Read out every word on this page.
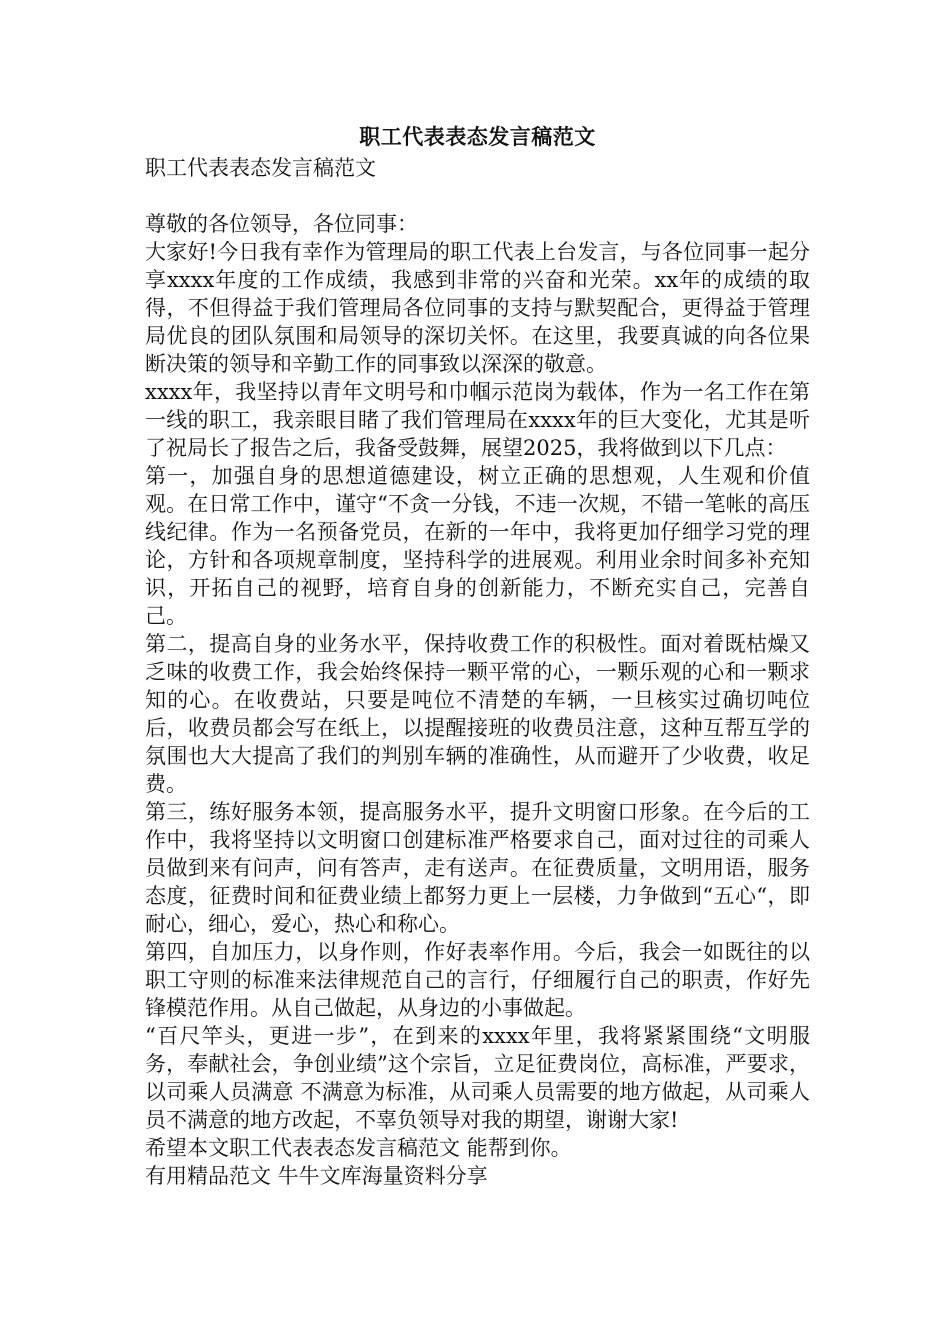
职工代表表态发言稿范文

职工代表表态发言稿范文

尊敬的各位领导，各位同事：

大家好!今日我有幸作为管理局的职工代表上台发言，与各位同事一起分享xxxx年度的工作成绩，我感到非常的兴奋和光荣。xx年的成绩的取得，不但得益于我们管理局各位同事的支持与默契配合，更得益于管理局优良的团队氛围和局领导的深切关怀。在这里，我要真诚的向各位果断决策的领导和辛勤工作的同事致以深深的敬意。

xxxx年，我坚持以青年文明号和巾帼示范岗为载体，作为一名工作在第一线的职工，我亲眼目睹了我们管理局在xxxx年的巨大变化，尤其是听了祝局长了报告之后，我备受鼓舞，展望2025，我将做到以下几点：

第一，加强自身的思想道德建设，树立正确的思想观，人生观和价值观。在日常工作中，谨守“不贪一分钱，不违一次规，不错一笔帐的高压线纪律。作为一名预备党员，在新的一年中，我将更加仔细学习党的理论，方针和各项规章制度，坚持科学的进展观。利用业余时间多补充知识，开拓自己的视野，培育自身的创新能力，不断充实自己，完善自己。

第二，提高自身的业务水平，保持收费工作的积极性。面对着既枯燥又乏味的收费工作，我会始终保持一颗平常的心，一颗乐观的心和一颗求知的心。在收费站，只要是吨位不清楚的车辆，一旦核实过确切吨位后，收费员都会写在纸上，以提醒接班的收费员注意，这种互帮互学的氛围也大大提高了我们的判别车辆的准确性，从而避开了少收费，收足费。

第三，练好服务本领，提高服务水平，提升文明窗口形象。在今后的工作中，我将坚持以文明窗口创建标准严格要求自己，面对过往的司乘人员做到来有问声，问有答声，走有送声。在征费质量，文明用语，服务态度，征费时间和征费业绩上都努力更上一层楼，力争做到“五心“，即耐心，细心，爱心，热心和称心。

第四，自加压力，以身作则，作好表率作用。今后，我会一如既往的以职工守则的标准来法律规范自己的言行，仔细履行自己的职责，作好先锋模范作用。从自己做起，从身边的小事做起。

“百尺竿头，更进一步”，在到来的xxxx年里，我将紧紧围绕“文明服务，奉献社会，争创业绩”这个宗旨，立足征费岗位，高标准，严要求，以司乘人员满意 不满意为标准，从司乘人员需要的地方做起，从司乘人员不满意的地方改起，不辜负领导对我的期望，谢谢大家!

希望本文职工代表表态发言稿范文 能帮到你。

有用精品范文 牛牛文库海量资料分享
